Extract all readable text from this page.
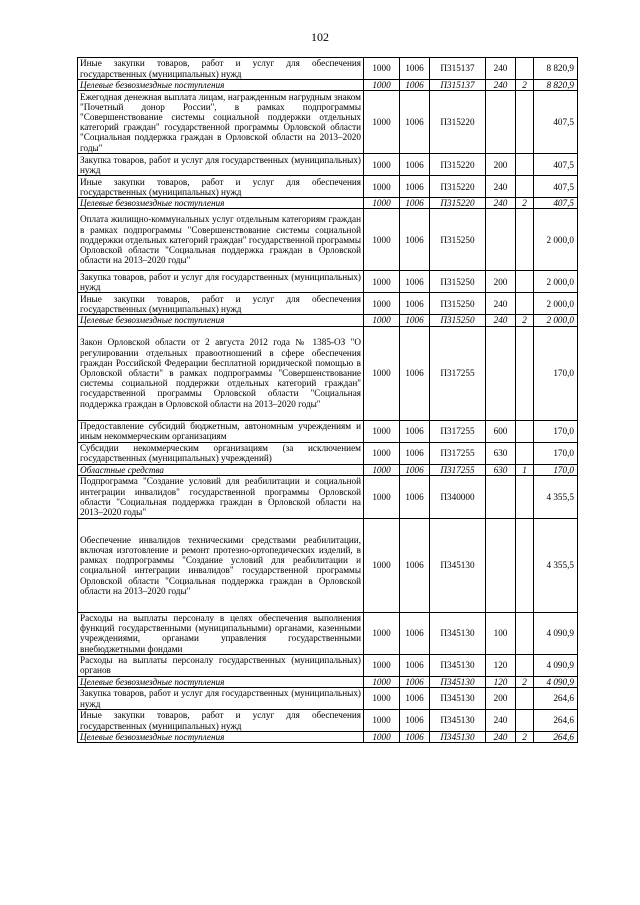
102
Иные закупки товаров, работ и услуг для обеспечения государственных (муниципальных) нужд	1000	1006	П315137	240		8 820,9
Целевые безвозмездные поступления	1000	1006	П315137	240	2	8 820,9
Ежегодная денежная выплата лицам, награжденным нагрудным знаком "Почетный донор России", в рамках подпрограммы "Совершенствование системы социальной поддержки отдельных категорий граждан" государственной программы Орловской области "Социальная поддержка граждан в Орловской области на 2013–2020 годы"	1000	1006	П315220			407,5
Закупка товаров, работ и услуг для государственных (муниципальных) нужд	1000	1006	П315220	200		407,5
Иные закупки товаров, работ и услуг для обеспечения государственных (муниципальных) нужд	1000	1006	П315220	240		407,5
Целевые безвозмездные поступления	1000	1006	П315220	240	2	407,5
Оплата жилищно-коммунальных услуг отдельным категориям граждан в рамках подпрограммы "Совершенствование системы социальной поддержки отдельных категорий граждан" государственной программы Орловской области "Социальная поддержка граждан в Орловской области на 2013–2020 годы"	1000	1006	П315250			2 000,0
Закупка товаров, работ и услуг для государственных (муниципальных) нужд	1000	1006	П315250	200		2 000,0
Иные закупки товаров, работ и услуг для обеспечения государственных (муниципальных) нужд	1000	1006	П315250	240		2 000,0
Целевые безвозмездные поступления	1000	1006	П315250	240	2	2 000,0
Закон Орловской области от 2 августа 2012 года № 1385-ОЗ "О регулировании отдельных правоотношений в сфере обеспечения граждан Российской Федерации бесплатной юридической помощью в Орловской области" в рамках подпрограммы "Совершенствование системы социальной поддержки отдельных категорий граждан" государственной программы Орловской области "Социальная поддержка граждан в Орловской области на 2013–2020 годы"	1000	1006	П317255			170,0
Предоставление субсидий бюджетным, автономным учреждениям и иным некоммерческим организациям	1000	1006	П317255	600		170,0
Субсидии некоммерческим организациям (за исключением государственных (муниципальных) учреждений)	1000	1006	П317255	630		170,0
Областные средства	1000	1006	П317255	630	1	170,0
Подпрограмма "Создание условий для реабилитации и социальной интеграции инвалидов" государственной программы Орловской области "Социальная поддержка граждан в Орловской области на 2013–2020 годы"	1000	1006	П340000			4 355,5
Обеспечение инвалидов техническими средствами реабилитации, включая изготовление и ремонт протезно-ортопедических изделий, в рамках подпрограммы "Создание условий для реабилитации и социальной интеграции инвалидов" государственной программы Орловской области "Социальная поддержка граждан в Орловской области на 2013–2020 годы"	1000	1006	П345130			4 355,5
Расходы на выплаты персоналу в целях обеспечения выполнения функций государственными (муниципальными) органами, казенными учреждениями, органами управления государственными внебюджетными фондами	1000	1006	П345130	100		4 090,9
Расходы на выплаты персоналу государственных (муниципальных) органов	1000	1006	П345130	120		4 090,9
Целевые безвозмездные поступления	1000	1006	П345130	120	2	4 090,9
Закупка товаров, работ и услуг для государственных (муниципальных) нужд	1000	1006	П345130	200		264,6
Иные закупки товаров, работ и услуг для обеспечения государственных (муниципальных) нужд	1000	1006	П345130	240		264,6
Целевые безвозмездные поступления	1000	1006	П345130	240	2	264,6
